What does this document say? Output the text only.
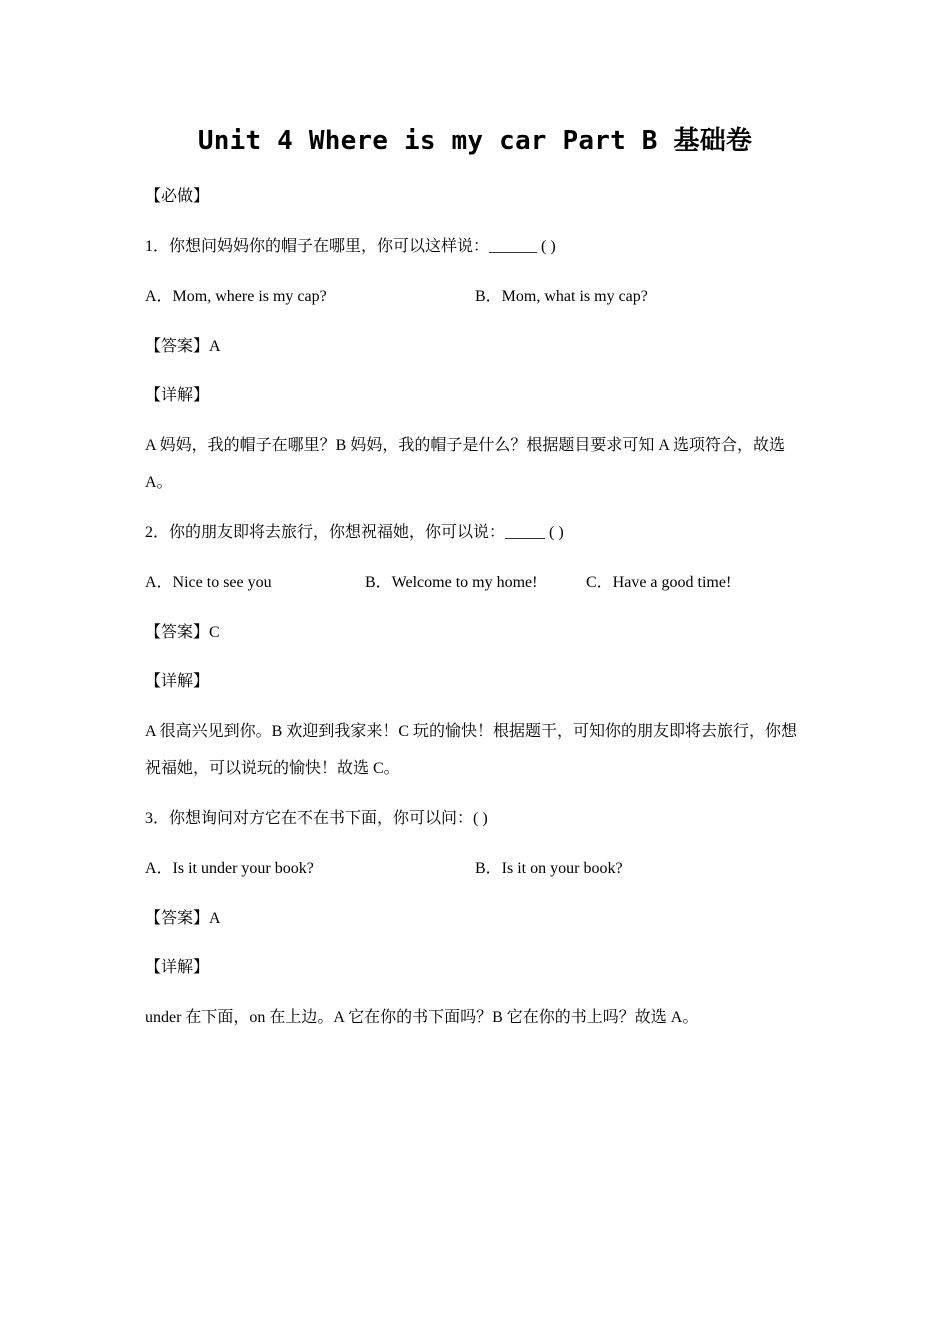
Unit 4 Where is my car Part B 基础卷
【必做】
1．你想问妈妈你的帽子在哪里，你可以这样说：______ ( )
A．Mom, where is my cap?	B．Mom, what is my cap?
【答案】A
【详解】
A 妈妈，我的帽子在哪里？B 妈妈，我的帽子是什么？根据题目要求可知 A 选项符合，故选 A。
2．你的朋友即将去旅行，你想祝福她，你可以说：_____ ( )
A．Nice to see you	B．Welcome to my home!	C．Have a good time!
【答案】C
【详解】
A 很高兴见到你。B 欢迎到我家来！C 玩的愉快！根据题干，可知你的朋友即将去旅行，你想祝福她，可以说玩的愉快！故选 C。
3．你想询问对方它在不在书下面，你可以问：( )
A．Is it under your book?	B．Is it on your book?
【答案】A
【详解】
under 在下面，on 在上边。A 它在你的书下面吗？B 它在你的书上吗？故选 A。
